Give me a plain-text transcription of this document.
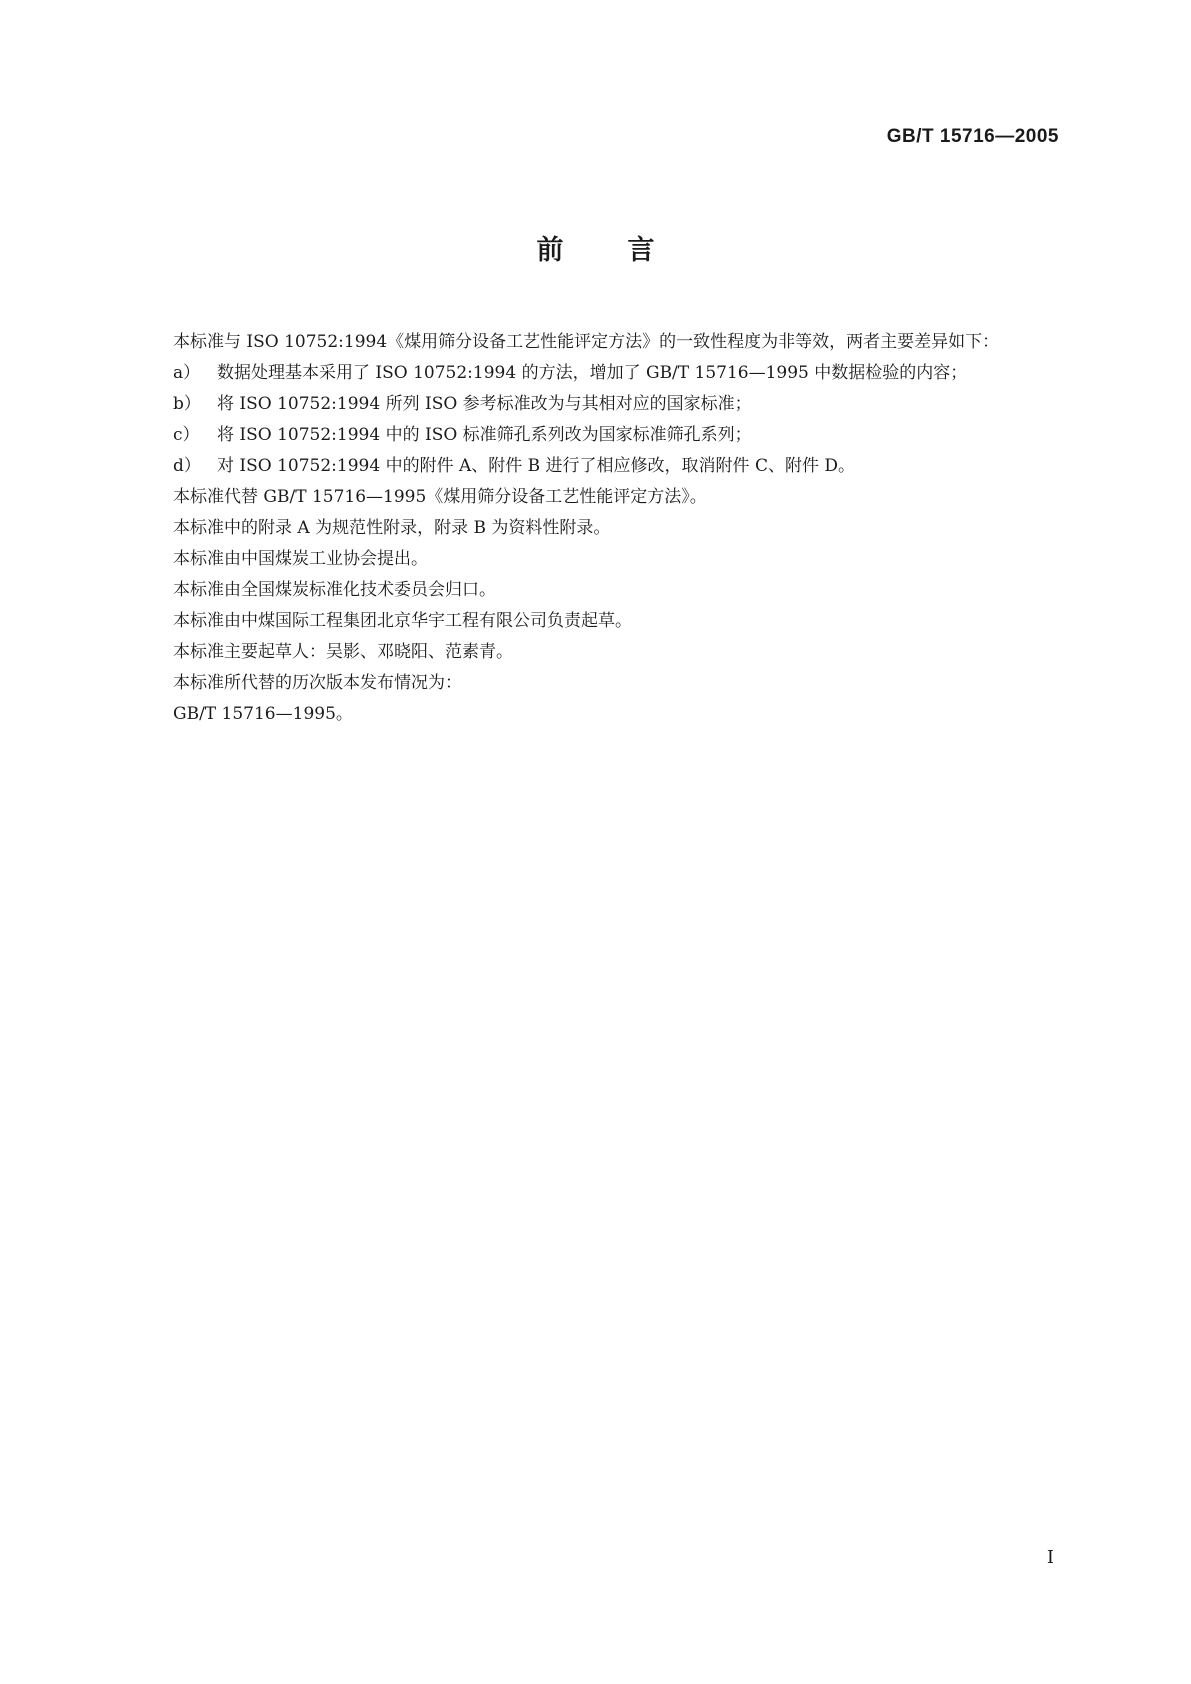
GB/T 15716—2005
前言

本标准与 ISO 10752:1994《煤用筛分设备工艺性能评定方法》的一致性程度为非等效，两者主要差异如下：

a） 数据处理基本采用了 ISO 10752:1994 的方法，增加了 GB/T 15716—1995 中数据检验的内容；
b） 将 ISO 10752:1994 所列 ISO 参考标准改为与其相对应的国家标准；
c）	将 ISO 10752:1994 中的 ISO 标准筛孔系列改为国家标准筛孔系列；
d） 对 ISO 10752:1994 中的附件 A、附件 B 进行了相应修改，取消附件 C、附件 D。

本标准代替 GB/T 15716—1995《煤用筛分设备工艺性能评定方法》。

本标准中的附录 A 为规范性附录，附录 B 为资料性附录。

本标准由中国煤炭工业协会提出。

本标准由全国煤炭标准化技术委员会归口。

本标准由中煤国际工程集团北京华宇工程有限公司负责起草。

本标准主要起草人：吴影、邓晓阳、范素青。

本标准所代替的历次版本发布情况为：

GB/T 15716—1995。

I
